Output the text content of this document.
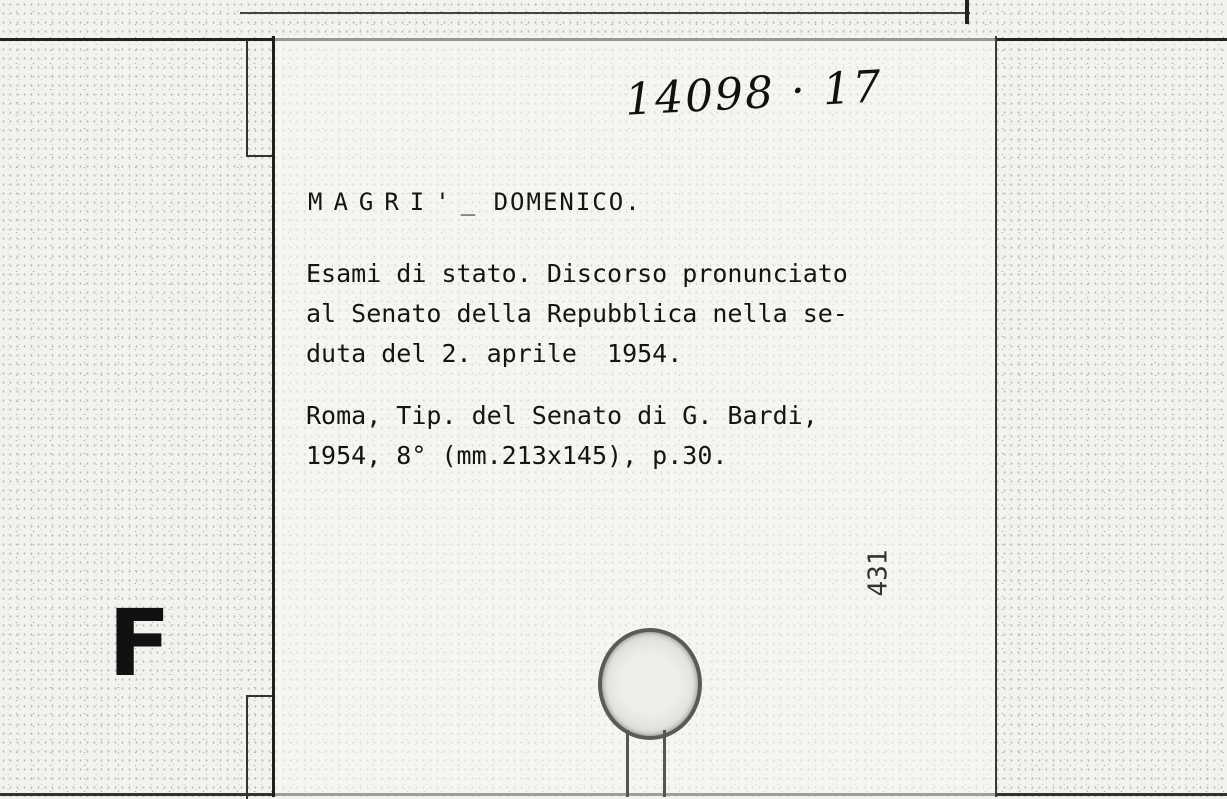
14098 · 17
MAGRI'_ DOMENICO.
Esami di stato. Discorso pronunciato
al Senato della Repubblica nella se-
duta del 2. aprile  1954.
Roma, Tip. del Senato di G. Bardi,
1954, 8° (mm.213x145), p.30.
431
F
